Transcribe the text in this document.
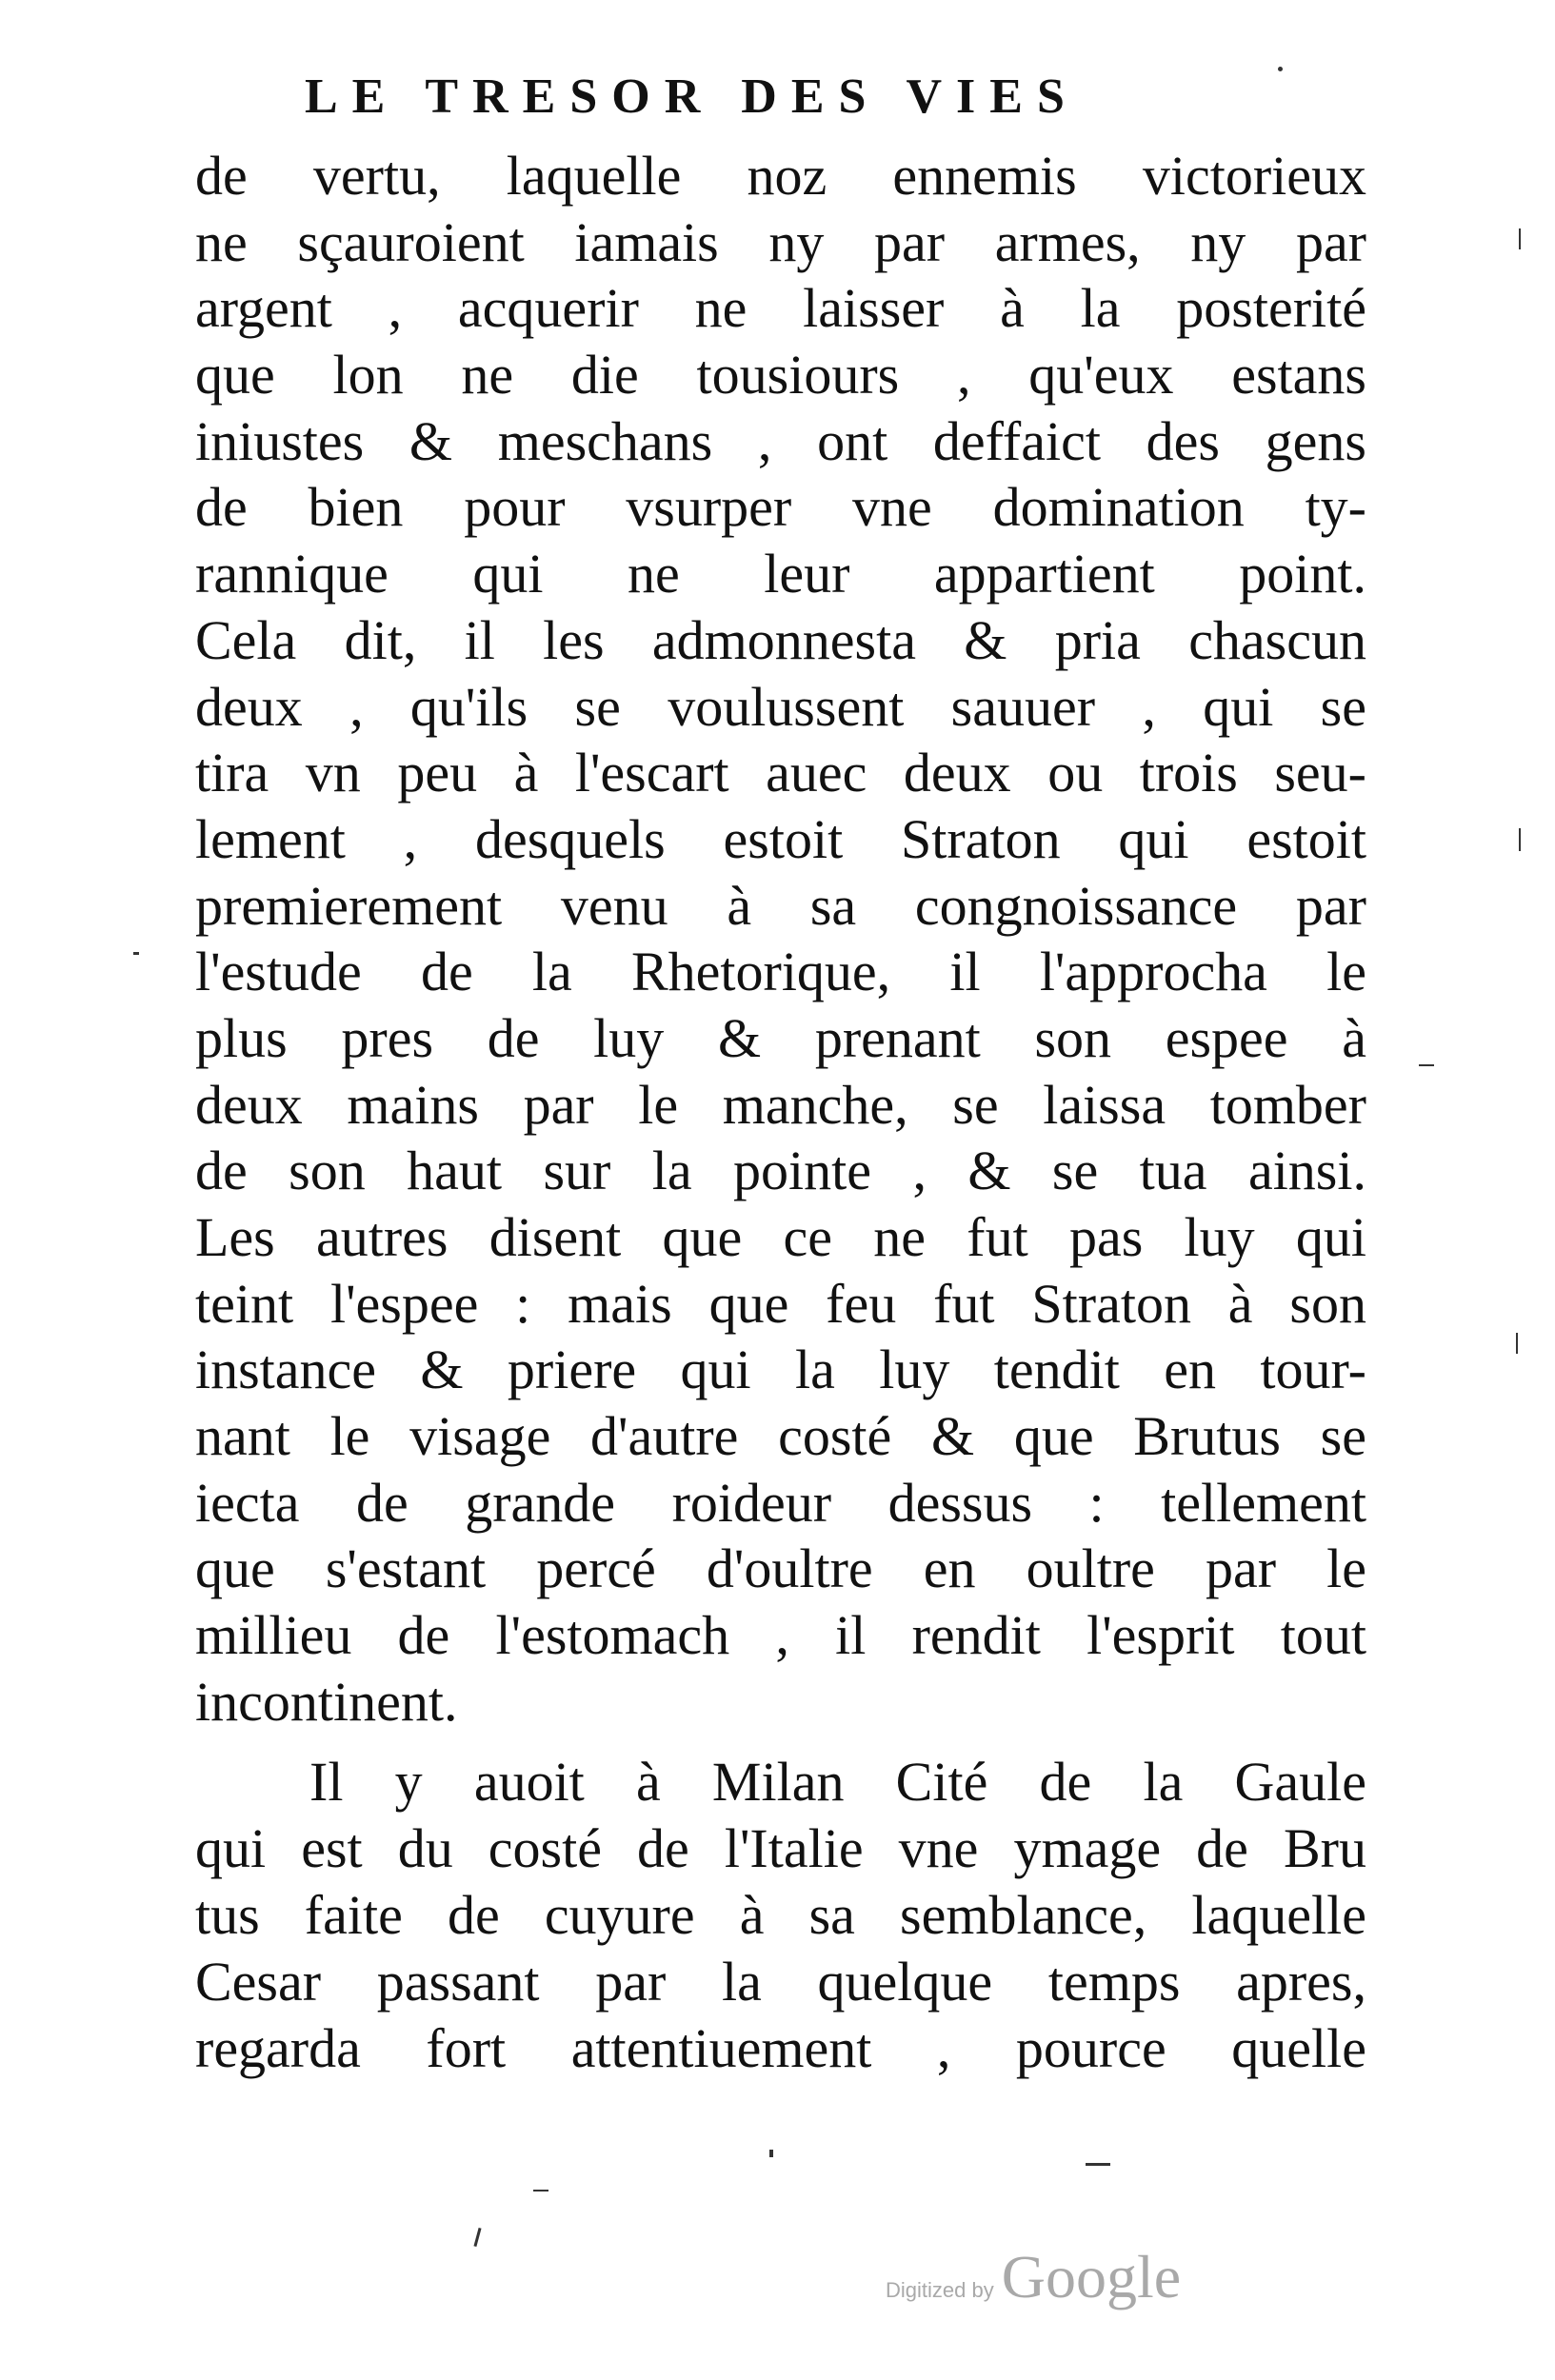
LE TRESOR DES VIES
de vertu, laquelle noz ennemis victorieux
ne sçauroient iamais ny par armes, ny par
argent , acquerir ne laisser à la posterité
que lon ne die tousiours , qu'eux estans
iniustes & meschans , ont deffaict des gens
de bien pour vsurper vne domination ty-
rannique qui ne leur appartient point.
Cela dit, il les admonnesta & pria chascun
deux , qu'ils se voulussent sauuer , qui se
tira vn peu à l'escart auec deux ou trois seu-
lement , desquels estoit Straton qui estoit
premierement venu à sa congnoissance par
l'estude de la Rhetorique, il l'approcha le
plus pres de luy & prenant son espee à
deux mains par le manche, se laissa tomber
de son haut sur la pointe , & se tua ainsi.
Les autres disent que ce ne fut pas luy qui
teint l'espee : mais que feu fut Straton à son
instance & priere qui la luy tendit en tour-
nant le visage d'autre costé & que Brutus se
iecta de grande roideur dessus : tellement
que s'estant percé d'oultre en oultre par le
millieu de l'estomach , il rendit l'esprit tout
incontinent.
Il y auoit à Milan Cité de la Gaule
qui est du costé de l'Italie vne ymage de Bru
tus faite de cuyure à sa semblance, laquelle
Cesar passant par la quelque temps apres,
regarda fort attentiuement , pource quelle
Digitized by Google
